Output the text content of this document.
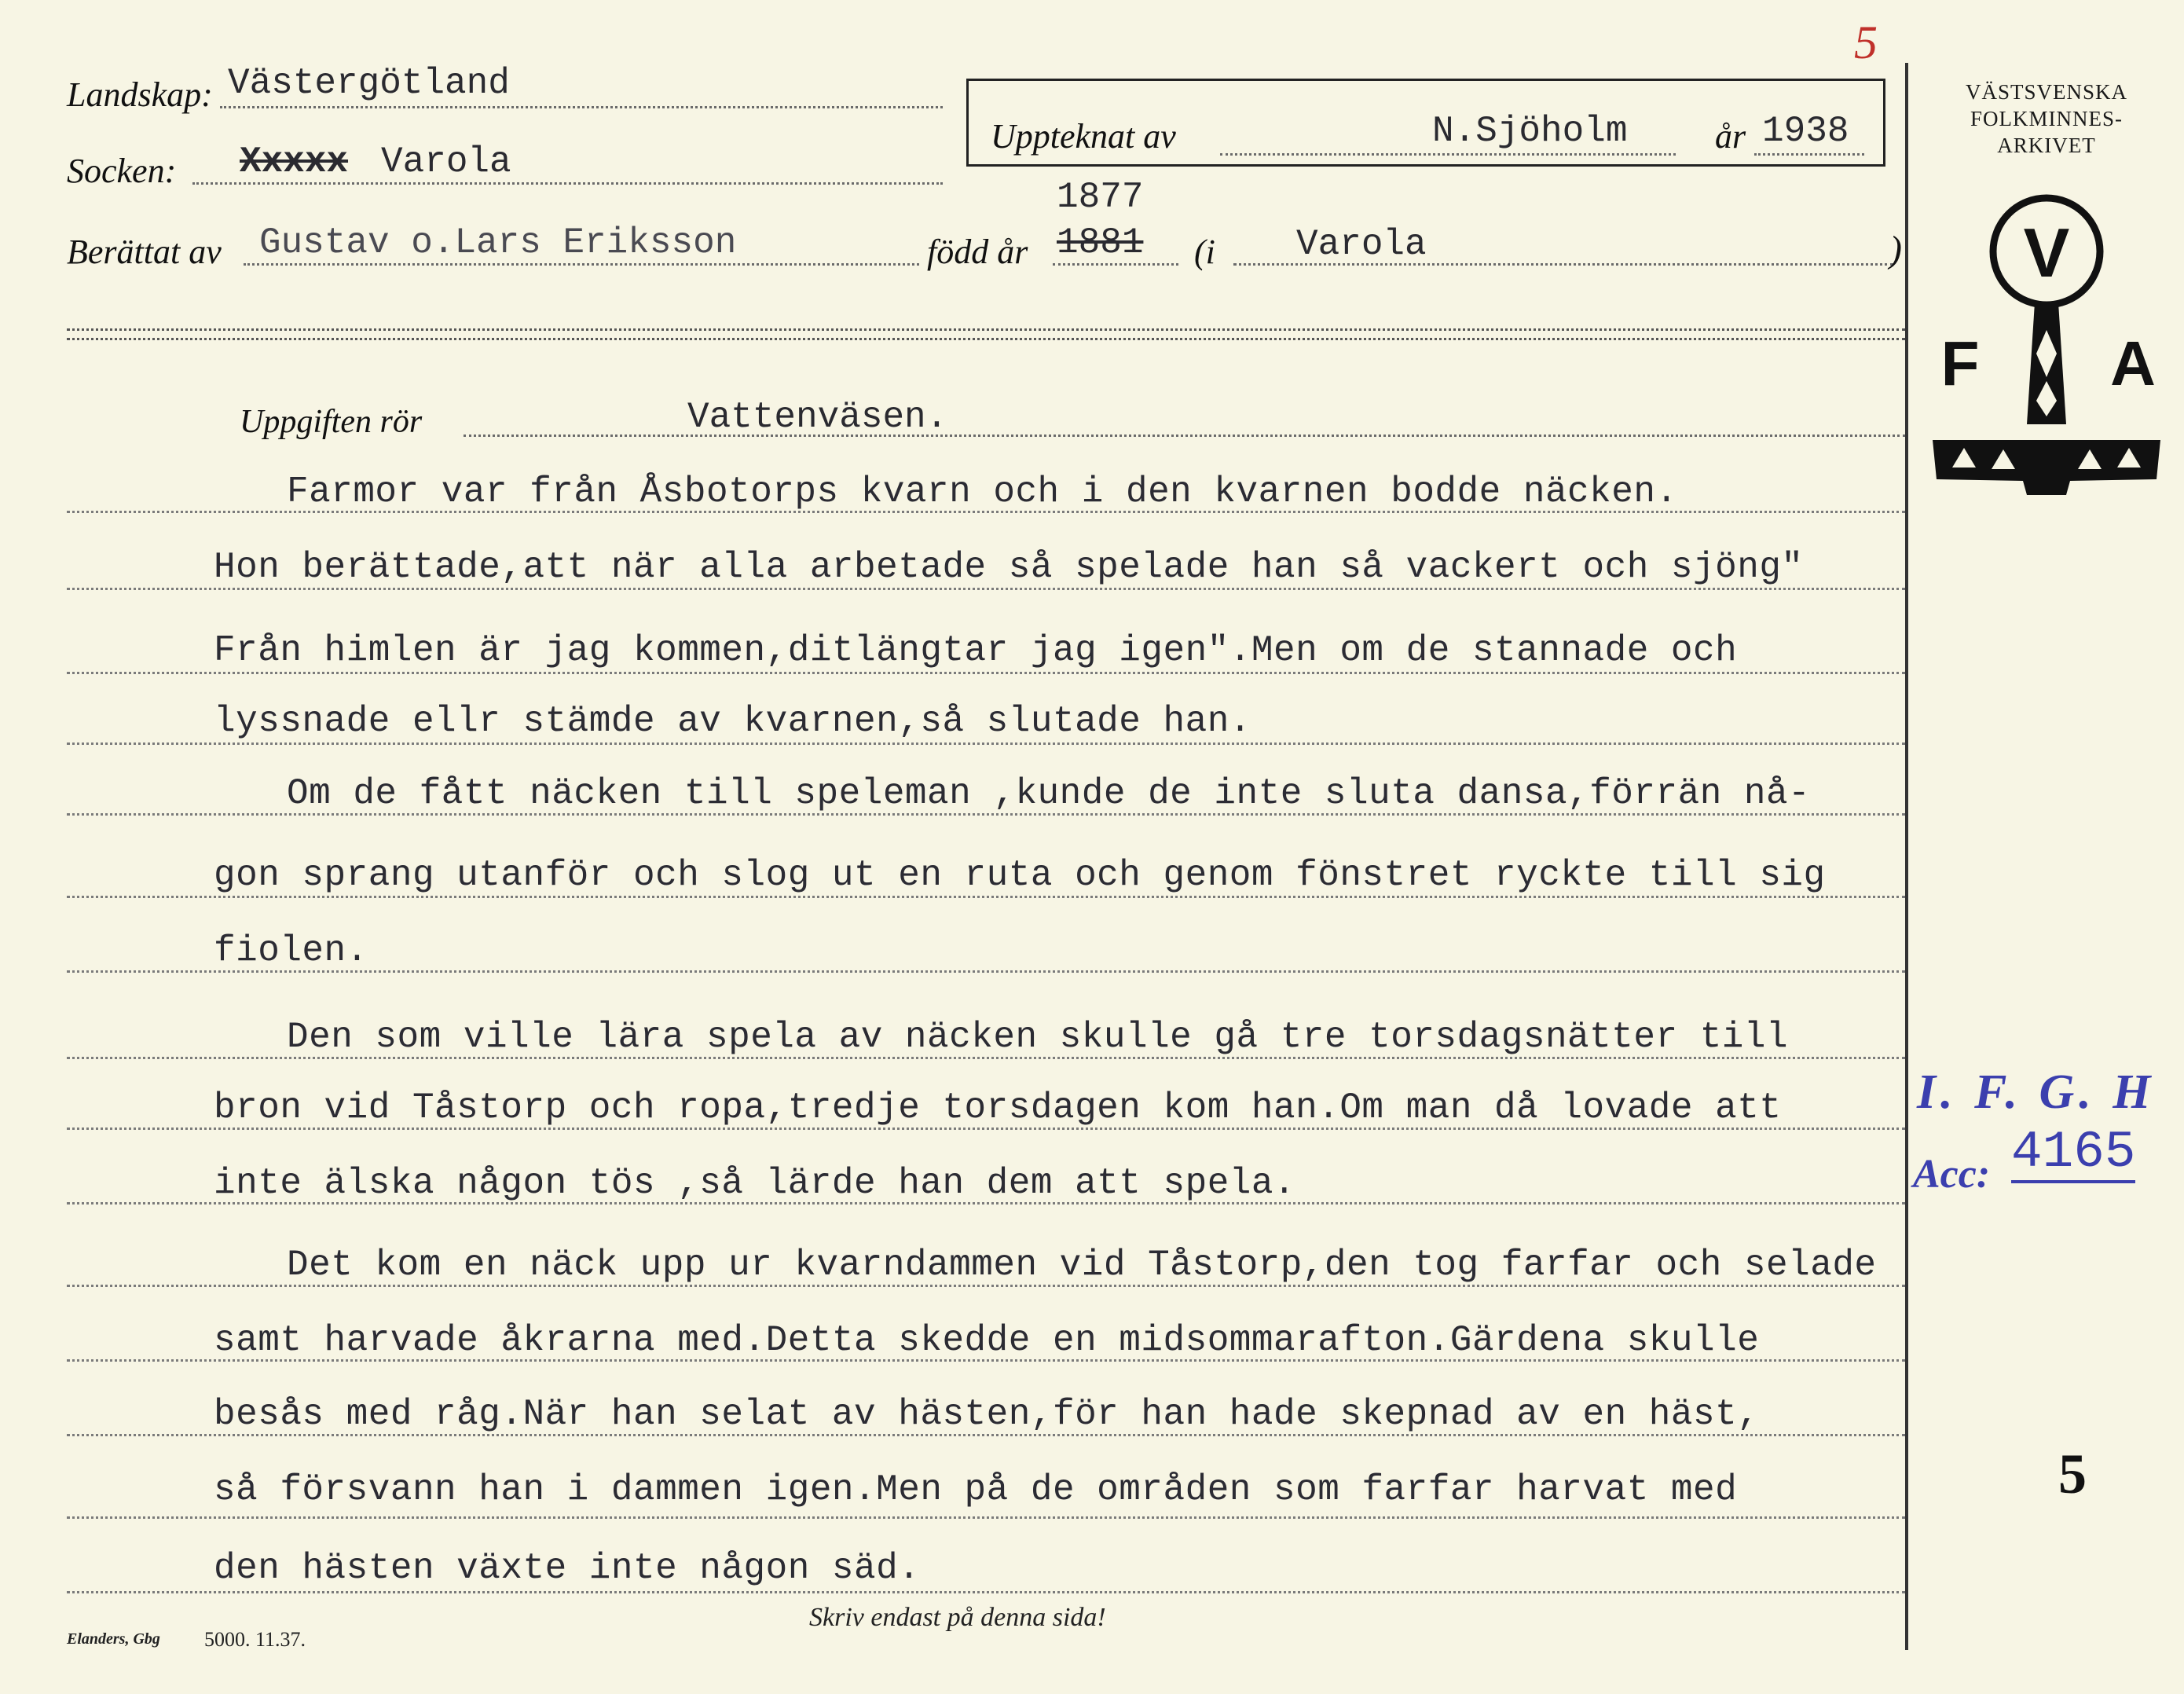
Landskap: Västergötland
Socken: Xxxxx Varola
Uppteknat av	N.Sjöholm	år 1938
5
Berättat av Gustav o.Lars Eriksson
1877
född år 1881 (i Varola	)
VÄSTSVENSKA
FOLKMINNES-
ARKIVET
V
F A
I. F. G. H
Acc: 4165
5
Uppgiften rör	Vattenväsen.
Farmor var från Åsbotorps kvarn och i den kvarnen bodde näcken.
Hon berättade,att när alla arbetade så spelade han så vackert och sjöng"
Från himlen är jag kommen,ditlängtar jag igen".Men om de stannade och
lyssnade ellr stämde av kvarnen,så slutade han.
Om de fått näcken till speleman ,kunde de inte sluta dansa,förrän nå-
gon sprang utanför och slog ut en ruta och genom fönstret ryckte till sig
fiolen.
Den som ville lära spela av näcken skulle gå tre torsdagsnätter till
bron vid Tåstorp och ropa,tredje torsdagen kom han.Om man då lovade att
inte älska någon tös ,så lärde han dem att spela.
Det kom en näck upp ur kvarndammen vid Tåstorp,den tog farfar och selade
samt harvade åkrarna med.Detta skedde en midsommarafton.Gärdena skulle
besås med råg.När han selat av hästen,för han hade skepnad av en häst,
så försvann han i dammen igen.Men på de områden som farfar harvat med
den hästen växte inte någon säd.
Elanders, Gbg 5000. 11.37.
Skriv endast på denna sida!
